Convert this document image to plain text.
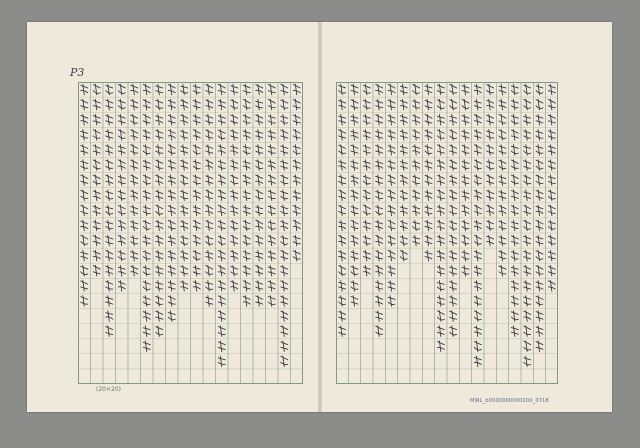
P3
(20×20)
MWL_b0000000000000_0718
